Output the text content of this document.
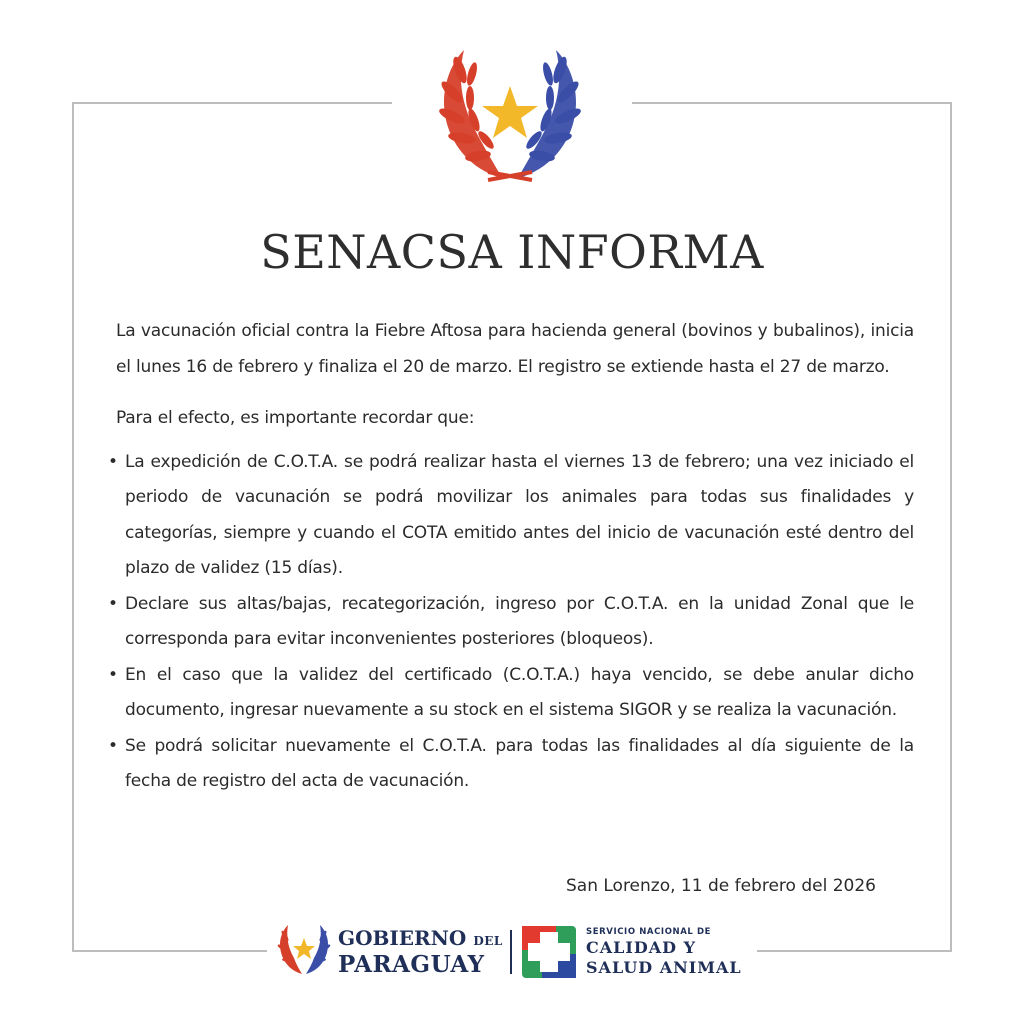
SENACSA INFORMA

La vacunación oficial contra la Fiebre Aftosa para hacienda general (bovinos y bubalinos), inicia el lunes 16 de febrero y finaliza el 20 de marzo. El registro se extiende hasta el 27 de marzo.

Para el efecto, es importante recordar que:

• La expedición de C.O.T.A. se podrá realizar hasta el viernes 13 de febrero; una vez iniciado el periodo de vacunación se podrá movilizar los animales para todas sus finalidades y categorías, siempre y cuando el COTA emitido antes del inicio de vacunación esté dentro del plazo de validez (15 días).
• Declare sus altas/bajas, recategorización, ingreso por C.O.T.A. en la unidad Zonal que le corresponda para evitar inconvenientes posteriores (bloqueos).
• En el caso que la validez del certificado (C.O.T.A.) haya vencido, se debe anular dicho documento, ingresar nuevamente a su stock en el sistema SIGOR y se realiza la vacunación.
• Se podrá solicitar nuevamente el C.O.T.A. para todas las finalidades al día siguiente de la fecha de registro del acta de vacunación.
San Lorenzo, 11 de febrero del 2026
GOBIERNO DEL
PARAGUAY
SERVICIO NACIONAL DE
CALIDAD Y
SALUD ANIMAL
